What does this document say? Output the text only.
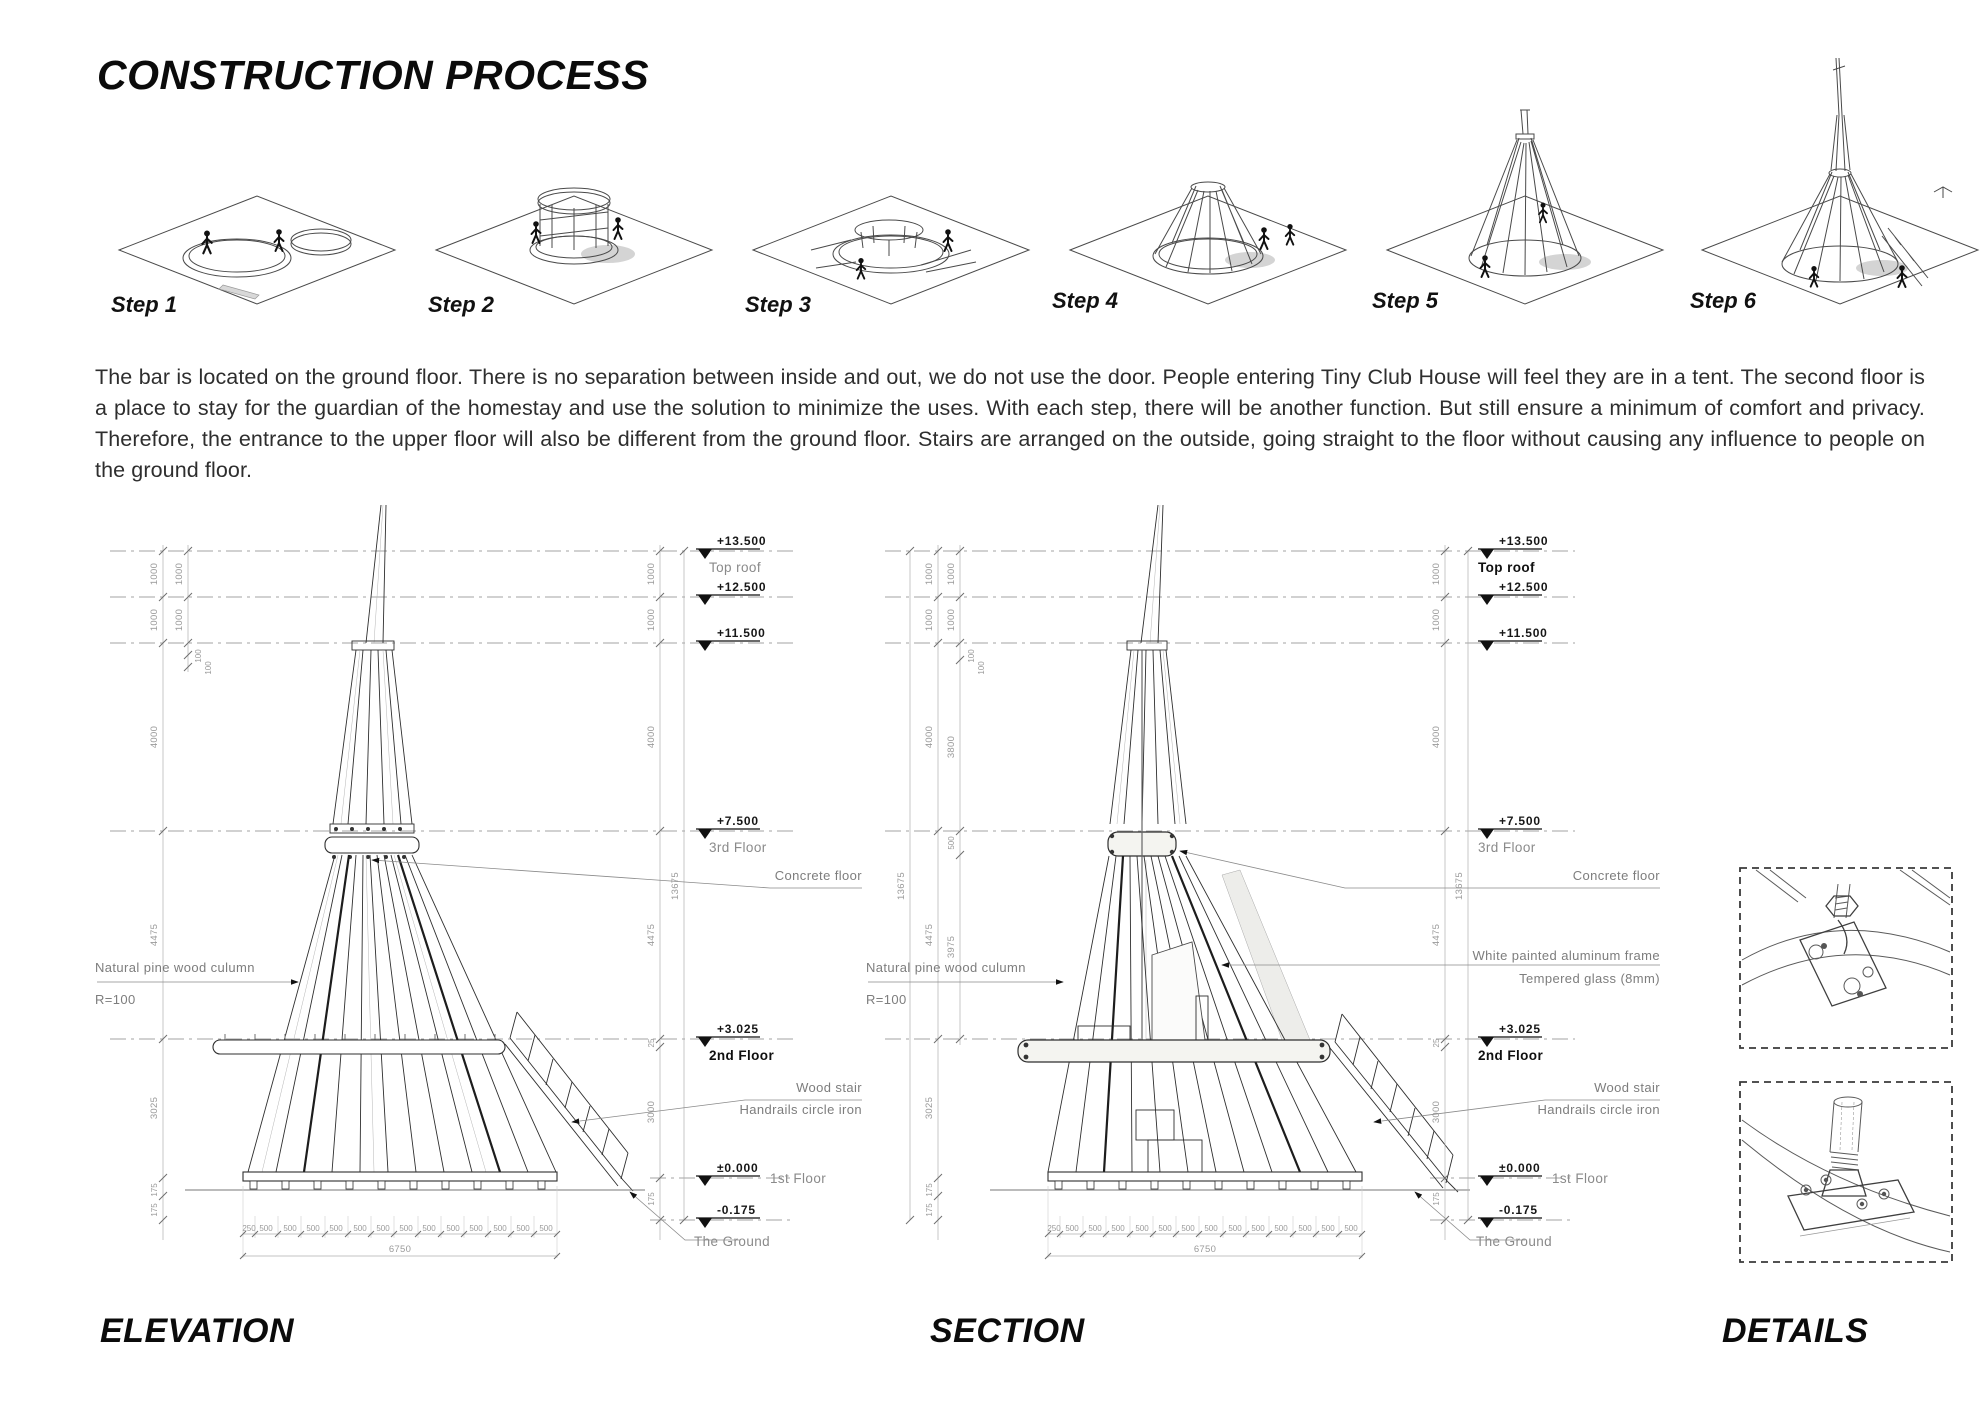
CONSTRUCTION PROCESS
Step 1	Step 2	Step 3	Step 4	Step 5	Step 6
The bar is located on the ground floor. There is no separation between inside and out, we do not use the door. People entering Tiny Club House will feel they are in a tent. The second floor is a place to stay for the guardian of the homestay and use the solution to minimize the uses. With each step, there will be another function. But still ensure a minimum of comfort and privacy. Therefore, the entrance to the upper floor will also be different from the ground floor. Stairs are arranged on the outside, going straight to the floor without causing any influence to people on the ground floor.
1000
1000
4000
4475
3025
175
175
1000
1000
100
100
1000
1000
4000
4475
25
3000
175
13675
250 500 500 500 500 500 500 500 500 500 500 500 500 500
6750
+13.500
Top roof
+12.500
+11.500
+7.500
3rd Floor
+3.025
2nd Floor
±0.000
1st Floor
-0.175
The Ground
Concrete floor
Natural pine wood culumn
R=100
Wood stair
Handrails circle iron
13675
1000
1000
4000
4475
3025
175
175
1000
1000
3800
500
3975
100
100
1000
1000
4000
4475
25
3000
175
13675
250 500 500 500 500 500 500 500 500 500 500 500 500 500
6750
+13.500
Top roof
+12.500
+11.500
+7.500
3rd Floor
+3.025
2nd Floor
±0.000
1st Floor
-0.175
The Ground
Concrete floor
Natural pine wood culumn
R=100
White painted aluminum frame
Tempered glass (8mm)
Wood stair
Handrails circle iron
ELEVATION	SECTION	DETAILS
